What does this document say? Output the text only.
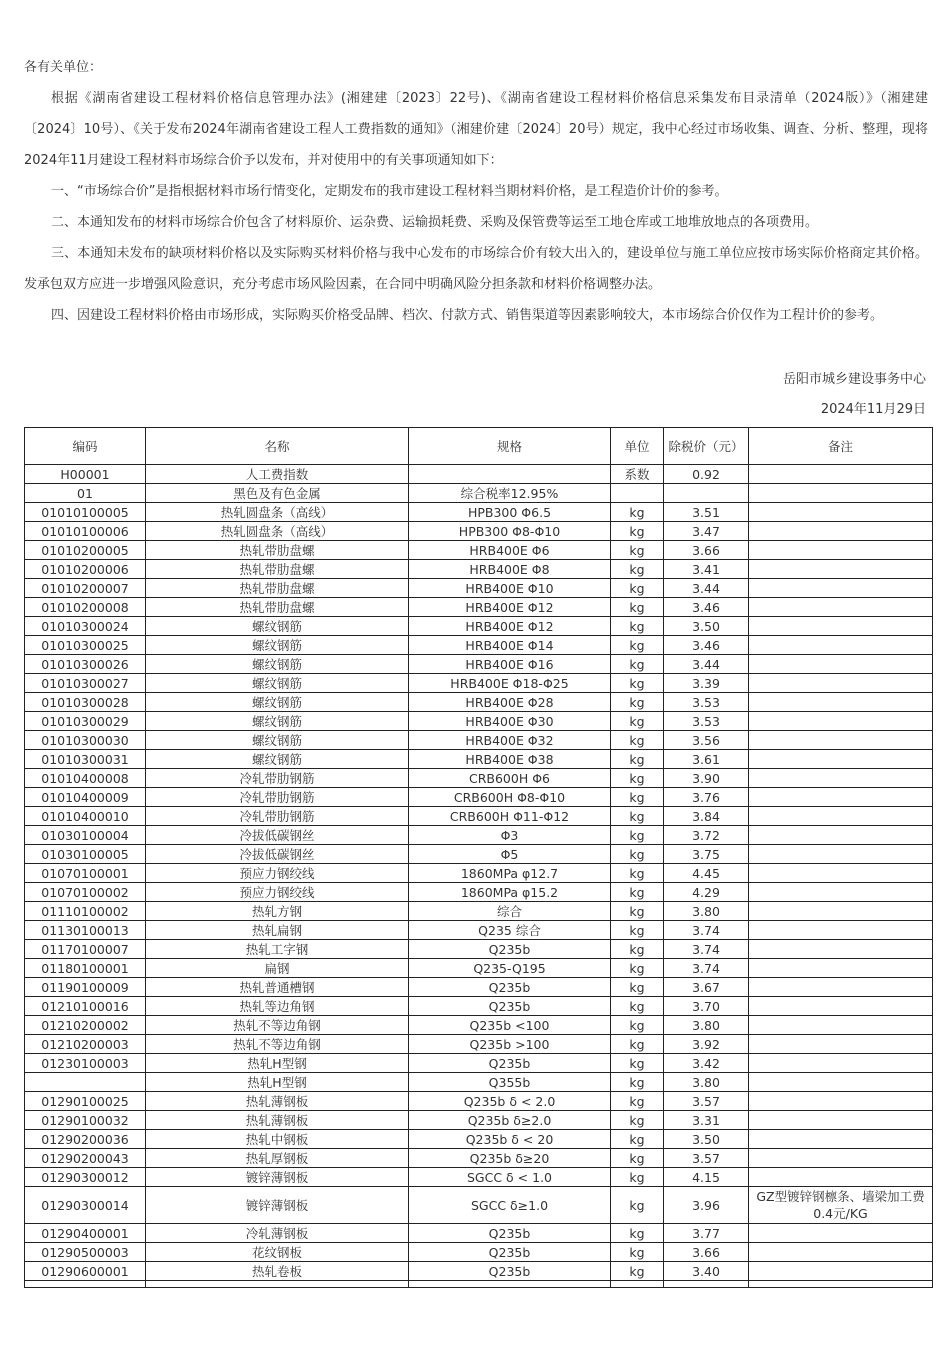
各有关单位：

根据《湖南省建设工程材料价格信息管理办法》(湘建建〔2023〕22号)、《湖南省建设工程材料价格信息采集发布目录清单（2024版）》（湘建建〔2024〕10号）、《关于发布2024年湖南省建设工程人工费指数的通知》（湘建价建〔2024〕20号）规定，我中心经过市场收集、调查、分析、整理，现将2024年11月建设工程材料市场综合价予以发布，并对使用中的有关事项通知如下：

一、“市场综合价”是指根据材料市场行情变化，定期发布的我市建设工程材料当期材料价格，是工程造价计价的参考。

二、本通知发布的材料市场综合价包含了材料原价、运杂费、运输损耗费、采购及保管费等运至工地仓库或工地堆放地点的各项费用。

三、本通知未发布的缺项材料价格以及实际购买材料价格与我中心发布的市场综合价有较大出入的，建设单位与施工单位应按市场实际价格商定其价格。发承包双方应进一步增强风险意识，充分考虑市场风险因素，在合同中明确风险分担条款和材料价格调整办法。

四、因建设工程材料价格由市场形成，实际购买价格受品牌、档次、付款方式、销售渠道等因素影响较大，本市场综合价仅作为工程计价的参考。

岳阳市城乡建设事务中心
2024年11月29日
编码	名称	规格	单位	除税价（元）	备注
H00001	人工费指数		系数	0.92	
01	黑色及有色金属	综合税率12.95%			
01010100005	热轧圆盘条（高线）	HPB300 Φ6.5	kg	3.51	
01010100006	热轧圆盘条（高线）	HPB300 Φ8-Φ10	kg	3.47	
01010200005	热轧带肋盘螺	HRB400E Φ6	kg	3.66	
01010200006	热轧带肋盘螺	HRB400E Φ8	kg	3.41	
01010200007	热轧带肋盘螺	HRB400E Φ10	kg	3.44	
01010200008	热轧带肋盘螺	HRB400E Φ12	kg	3.46	
01010300024	螺纹钢筋	HRB400E Φ12	kg	3.50	
01010300025	螺纹钢筋	HRB400E Φ14	kg	3.46	
01010300026	螺纹钢筋	HRB400E Φ16	kg	3.44	
01010300027	螺纹钢筋	HRB400E Φ18-Φ25	kg	3.39	
01010300028	螺纹钢筋	HRB400E Φ28	kg	3.53	
01010300029	螺纹钢筋	HRB400E Φ30	kg	3.53	
01010300030	螺纹钢筋	HRB400E Φ32	kg	3.56	
01010300031	螺纹钢筋	HRB400E Φ38	kg	3.61	
01010400008	冷轧带肋钢筋	CRB600H Φ6	kg	3.90	
01010400009	冷轧带肋钢筋	CRB600H Φ8-Φ10	kg	3.76	
01010400010	冷轧带肋钢筋	CRB600H Φ11-Φ12	kg	3.84	
01030100004	冷拔低碳钢丝	Φ3	kg	3.72	
01030100005	冷拔低碳钢丝	Φ5	kg	3.75	
01070100001	预应力钢绞线	1860MPa φ12.7	kg	4.45	
01070100002	预应力钢绞线	1860MPa φ15.2	kg	4.29	
01110100002	热轧方钢	综合	kg	3.80	
01130100013	热轧扁钢	Q235 综合	kg	3.74	
01170100007	热轧工字钢	Q235b	kg	3.74	
01180100001	扁钢	Q235-Q195	kg	3.74	
01190100009	热轧普通槽钢	Q235b	kg	3.67	
01210100016	热轧等边角钢	Q235b	kg	3.70	
01210200002	热轧不等边角钢	Q235b <100	kg	3.80	
01210200003	热轧不等边角钢	Q235b >100	kg	3.92	
01230100003	热轧H型钢	Q235b	kg	3.42	
	热轧H型钢	Q355b	kg	3.80	
01290100025	热轧薄钢板	Q235b δ < 2.0	kg	3.57	
01290100032	热轧薄钢板	Q235b δ≥2.0	kg	3.31	
01290200036	热轧中钢板	Q235b δ < 20	kg	3.50	
01290200043	热轧厚钢板	Q235b δ≥20	kg	3.57	
01290300012	镀锌薄钢板	SGCC δ < 1.0	kg	4.15	
01290300014	镀锌薄钢板	SGCC δ≥1.0	kg	3.96	GZ型镀锌钢檩条、墙梁加工费0.4元/KG
01290400001	冷轧薄钢板	Q235b	kg	3.77	
01290500003	花纹钢板	Q235b	kg	3.66	
01290600001	热轧卷板	Q235b	kg	3.40	
